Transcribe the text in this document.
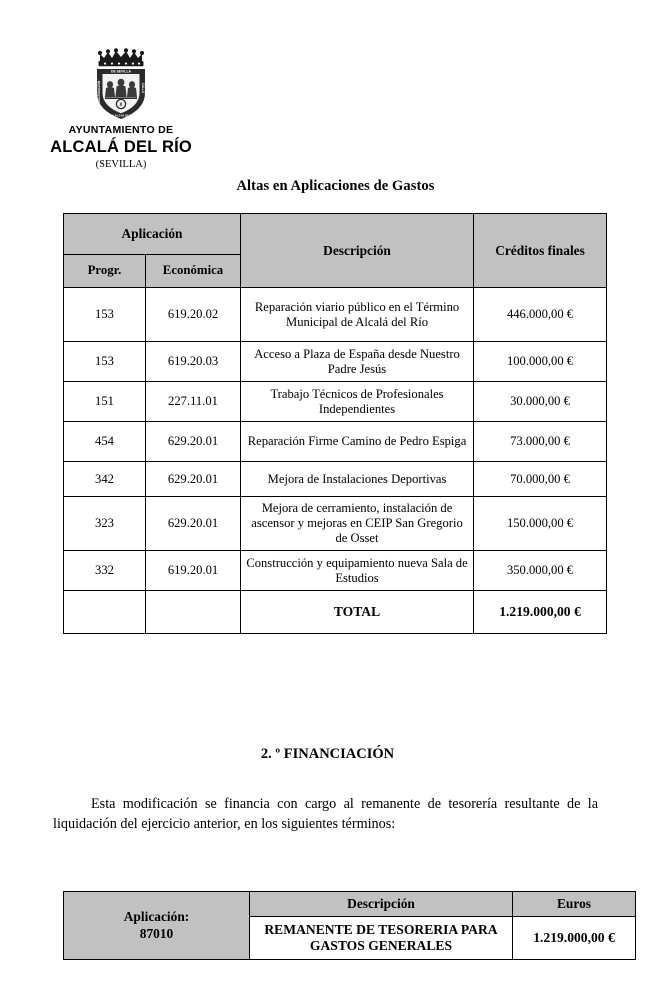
DE SEVILLA
COLEGIACION	CALLE
A ALCALDIA
8
AYUNTAMIENTO DE
ALCALÁ DEL RÍO
(SEVILLA)
Altas en Aplicaciones de Gastos
Aplicación		Descripción	Créditos finales
Progr.	Económica		
153	619.20.02	Reparación viario público en el Término Municipal de Alcalá del Río	446.000,00 €
153	619.20.03	Acceso a Plaza de España desde Nuestro Padre Jesús	100.000,00 €
151	227.11.01	Trabajo Técnicos de Profesionales Independientes	30.000,00 €
454	629.20.01	Reparación Firme Camino de Pedro Espiga	73.000,00 €
342	629.20.01	Mejora de Instalaciones Deportivas	70.000,00 €
323	629.20.01	Mejora de cerramiento, instalación de ascensor y mejoras en CEIP San Gregorio de Osset	150.000,00 €
332	619.20.01	Construcción y equipamiento nueva Sala de Estudios	350.000,00 €
		TOTAL	1.219.000,00 €
2. º FINANCIACIÓN
Esta modificación se financia con cargo al remanente de tesorería resultante de la liquidación del ejercicio anterior, en los siguientes términos:
Aplicación:
87010	Descripción	Euros
	REMANENTE DE TESORERIA PARA GASTOS GENERALES	1.219.000,00 €
